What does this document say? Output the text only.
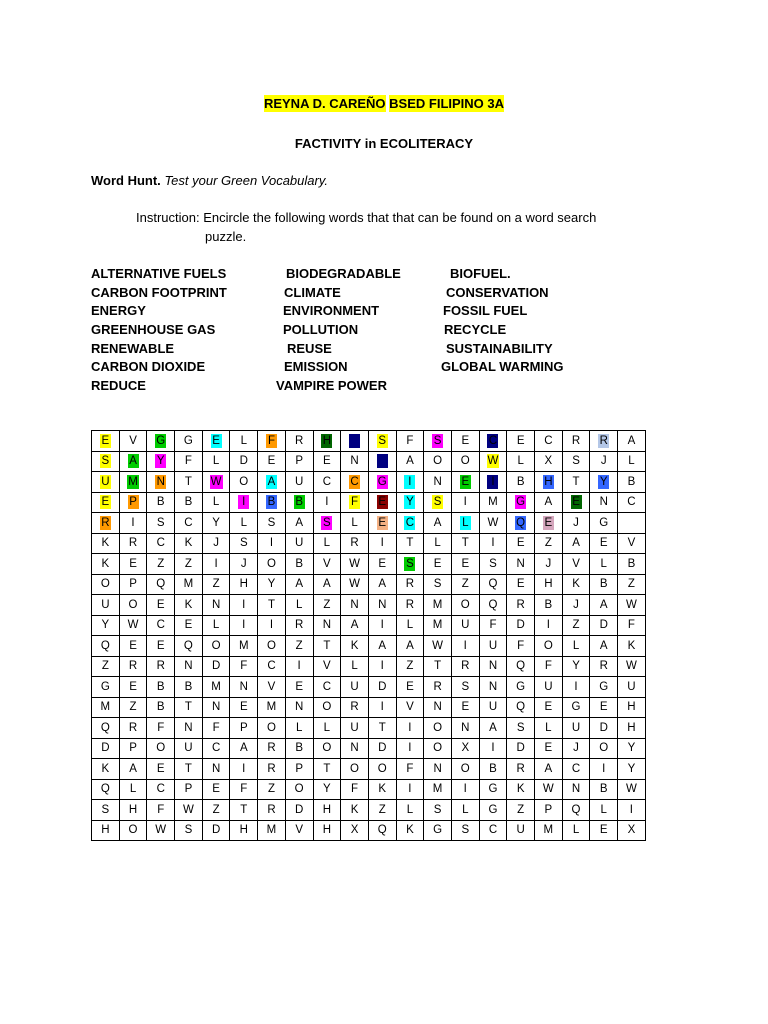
REYNA D. CAREÑO BSED FILIPINO 3A
FACTIVITY in ECOLITERACY
Word Hunt. Test your Green Vocabulary.
Instruction: Encircle the following words that that can be found on a word search
puzzle.
ALTERNATIVE FUELS	BIODEGRADABLE	BIOFUEL.
CARBON FOOTPRINT	CLIMATE	CONSERVATION
ENERGY	ENVIRONMENT	FOSSIL FUEL
GREENHOUSE GAS	POLLUTION	RECYCLE
RENEWABLE	REUSE	SUSTAINABILITY
CARBON DIOXIDE	EMISSION	GLOBAL WARMING
REDUCE	VAMPIRE POWER
E	V	G	G	E	L	F	R	H	I	S	F	S	E	C	E	C	R	R	A
S	A	Y	F	L	D	E	P	E	N	I	A	O	O	W	L	X	S	J	L
U	M	N	T	W	O	A	U	C	C	G	I	N	E	I	B	H	T	Y	B
E	P	B	B	L	I	B	B	I	F	E	Y	S	I	M	G	A	E	N	C
R	I	S	C	Y	L	S	A	S	L	E	C	A	L	W	Q	E	J	G	
K	R	C	K	J	S	I	U	L	R	I	T	L	T	I	E	Z	A	E	V
K	E	Z	Z	I	J	O	B	V	W	E	S	E	E	S	N	J	V	L	B
O	P	Q	M	Z	H	Y	A	A	W	A	R	S	Z	Q	E	H	K	B	Z
U	O	E	K	N	I	T	L	Z	N	N	R	M	O	Q	R	B	J	A	W
Y	W	C	E	L	I	I	R	N	A	I	L	M	U	F	D	I	Z	D	F
Q	E	E	Q	O	M	O	Z	T	K	A	A	W	I	U	F	O	L	A	K
Z	R	R	N	D	F	C	I	V	L	I	Z	T	R	N	Q	F	Y	R	W
G	E	B	B	M	N	V	E	C	U	D	E	R	S	N	G	U	I	G	U
M	Z	B	T	N	E	M	N	O	R	I	V	N	E	U	Q	E	G	E	H
Q	R	F	N	F	P	O	L	L	U	T	I	O	N	A	S	L	U	D	H
D	P	O	U	C	A	R	B	O	N	D	I	O	X	I	D	E	J	O	Y
K	A	E	T	N	I	R	P	T	O	O	F	N	O	B	R	A	C	I	Y
Q	L	C	P	E	F	Z	O	Y	F	K	I	M	I	G	K	W	N	B	W
S	H	F	W	Z	T	R	D	H	K	Z	L	S	L	G	Z	P	Q	L	I
H	O	W	S	D	H	M	V	H	X	Q	K	G	S	C	U	M	L	E	X
